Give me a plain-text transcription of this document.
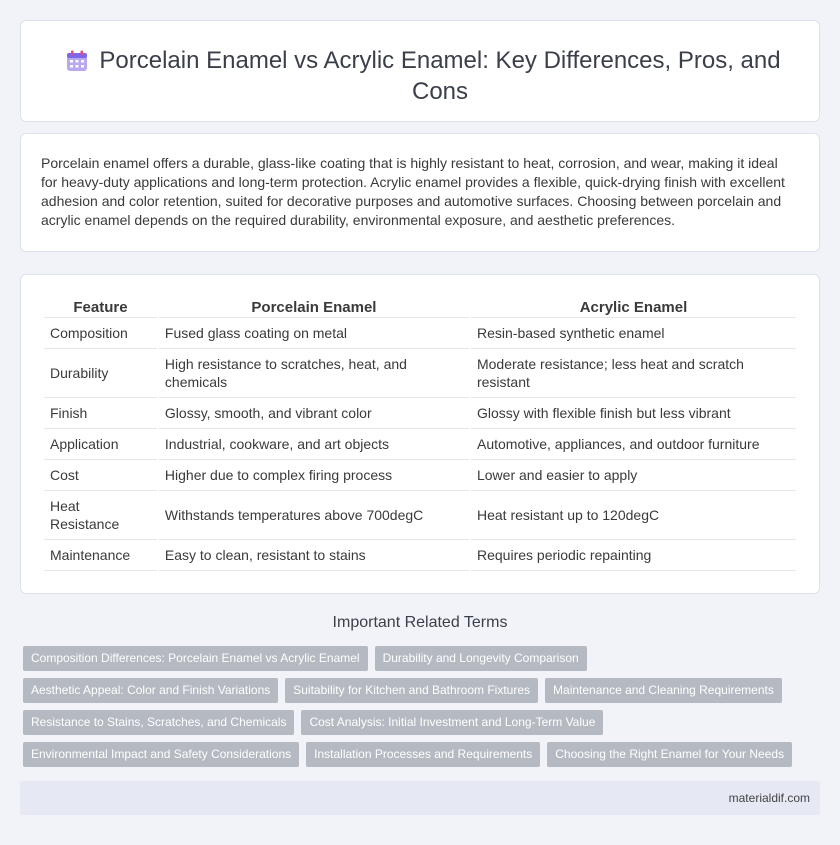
Porcelain Enamel vs Acrylic Enamel: Key Differences, Pros, and Cons

Porcelain enamel offers a durable, glass-like coating that is highly resistant to heat, corrosion, and wear, making it ideal for heavy-duty applications and long-term protection. Acrylic enamel provides a flexible, quick-drying finish with excellent adhesion and color retention, suited for decorative purposes and automotive surfaces. Choosing between porcelain and acrylic enamel depends on the required durability, environmental exposure, and aesthetic preferences.

Feature	Porcelain Enamel	Acrylic Enamel
Composition	Fused glass coating on metal	Resin-based synthetic enamel
Durability	High resistance to scratches, heat, and chemicals	Moderate resistance; less heat and scratch resistant
Finish	Glossy, smooth, and vibrant color	Glossy with flexible finish but less vibrant
Application	Industrial, cookware, and art objects	Automotive, appliances, and outdoor furniture
Cost	Higher due to complex firing process	Lower and easier to apply
Heat Resistance	Withstands temperatures above 700degC	Heat resistant up to 120degC
Maintenance	Easy to clean, resistant to stains	Requires periodic repainting
Important Related Terms
Composition Differences: Porcelain Enamel vs Acrylic Enamel	Durability and Longevity Comparison
Aesthetic Appeal: Color and Finish Variations	Suitability for Kitchen and Bathroom Fixtures	Maintenance and Cleaning Requirements
Resistance to Stains, Scratches, and Chemicals	Cost Analysis: Initial Investment and Long-Term Value
Environmental Impact and Safety Considerations	Installation Processes and Requirements	Choosing the Right Enamel for Your Needs
materialdif.com
